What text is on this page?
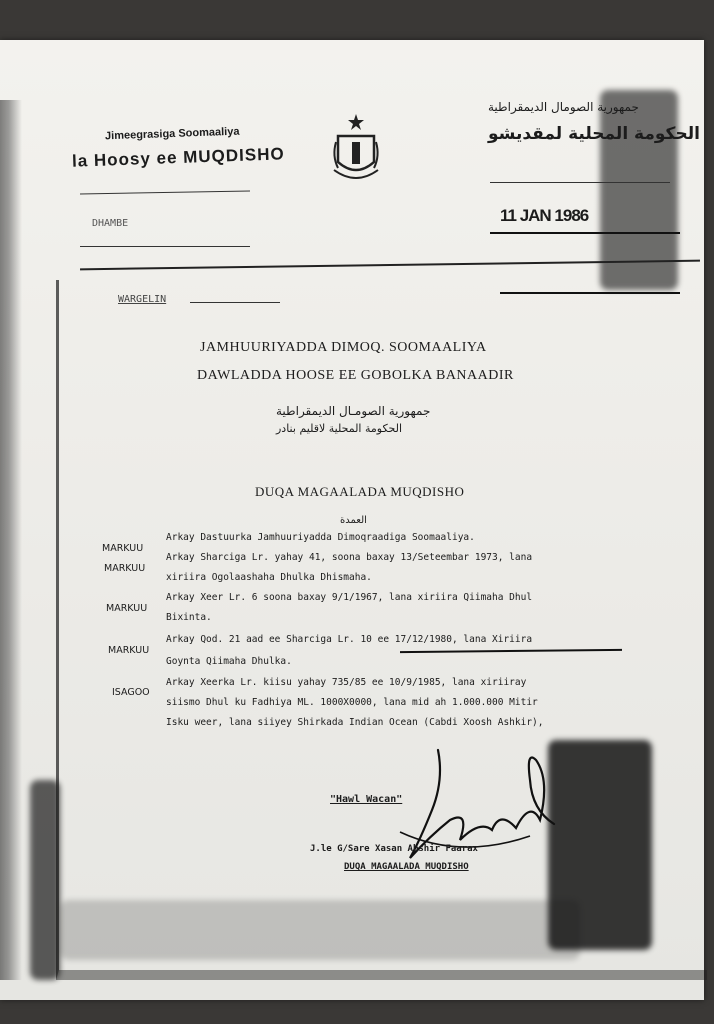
Jimeegrasiga Soomaaliya
la Hoosy ee MUQDISHO
DHAMBE
WARGELIN
جمهورية الصومال الديمقراطية
الحكومة المحلية لمقديشو
11 JAN 1986
JAMHUURIYADDA DIMOQ. SOOMAALIYA
DAWLADDA HOOSE EE GOBOLKA BANAADIR
جمهورية الصومـال الديمقراطية
الحكومة المحلية لاقليم بنادر
DUQA MAGAALADA MUQDISHO
العمدة
MARKUU
Arkay Dastuurka Jamhuuriyadda Dimoqraadiga Soomaaliya.
MARKUU
Arkay Sharciga Lr. yahay 41, soona baxay 13/Seteembar 1973, lana
xiriira Ogolaashaha Dhulka Dhismaha.
MARKUU
Arkay Xeer Lr. 6 soona baxay 9/1/1967, lana xiriira Qiimaha Dhul
Bixinta.
MARKUU
Arkay Qod. 21 aad ee Sharciga Lr. 10 ee 17/12/1980, lana Xiriira
Goynta Qiimaha Dhulka.
ISAGOO
Arkay Xeerka Lr. kiisu yahay 735/85 ee 10/9/1985, lana xiriiray
siismo Dhul ku Fadhiya ML. 1000X0000, lana mid ah 1.000.000 Mitir
Isku weer, lana siiyey Shirkada Indian Ocean (Cabdi Xoosh Ashkir),
"Hawl Wacan"
J.le G/Sare Xasan Abshir Faarax
DUQA MAGAALADA MUQDISHO
